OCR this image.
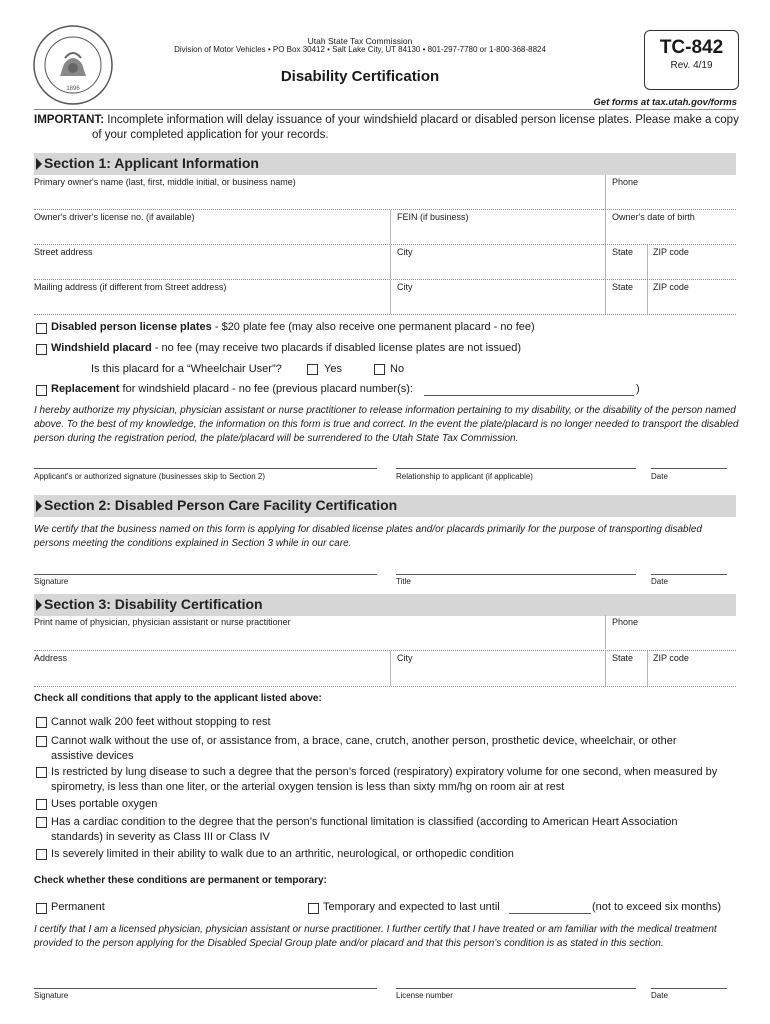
1896
Utah State Tax Commission
Division of Motor Vehicles • PO Box 30412 • Salt Lake City, UT 84130 • 801-297-7780 or 1-800-368-8824
Disability Certification
TC-842
Rev. 4/19
Get forms at tax.utah.gov/forms
IMPORTANT: Incomplete information will delay issuance of your windshield placard or disabled person license plates. Please make a copy
of your completed application for your records.
Section 1: Applicant Information
Primary owner's name (last, first, middle initial, or business name)	Phone
Owner's driver's license no. (if available)	FEIN (if business)	Owner's date of birth
Street address	City	State ZIP code
Mailing address (if different from Street address)	City	State ZIP code
Disabled person license plates - $20 plate fee (may also receive one permanent placard - no fee)
Windshield placard - no fee (may receive two placards if disabled license plates are not issued)
Is this placard for a “Wheelchair User”?	Yes	No
Replacement for windshield placard - no fee (previous placard number(s):	)
I hereby authorize my physician, physician assistant or nurse practitioner to release information pertaining to my disability, or the disability of the person named above. To the best of my knowledge, the information on this form is true and correct. In the event the plate/placard is no longer needed to transport the disabled person during the registration period, the plate/placard will be surrendered to the Utah State Tax Commission.
Applicant's or authorized signature (businesses skip to Section 2)	Relationship to applicant (if applicable)	Date
Section 2: Disabled Person Care Facility Certification
We certify that the business named on this form is applying for disabled license plates and/or placards primarily for the purpose of transporting disabled persons meeting the conditions explained in Section 3 while in our care.
Signature	Title	Date
Section 3: Disability Certification
Print name of physician, physician assistant or nurse practitioner	Phone
Address	City	State ZIP code
Check all conditions that apply to the applicant listed above:
Cannot walk 200 feet without stopping to rest
Cannot walk without the use of, or assistance from, a brace, cane, crutch, another person, prosthetic device, wheelchair, or other assistive devices
Is restricted by lung disease to such a degree that the person’s forced (respiratory) expiratory volume for one second, when measured by spirometry, is less than one liter, or the arterial oxygen tension is less than sixty mm/hg on room air at rest
Uses portable oxygen
Has a cardiac condition to the degree that the person’s functional limitation is classified (according to American Heart Association standards) in severity as Class III or Class IV
Is severely limited in their ability to walk due to an arthritic, neurological, or orthopedic condition
Check whether these conditions are permanent or temporary:
Permanent	Temporary and expected to last until	(not to exceed six months)
I certify that I am a licensed physician, physician assistant or nurse practitioner. I further certify that I have treated or am familiar with the medical treatment provided to the person applying for the Disabled Special Group plate and/or placard and that this person’s condition is as stated in this section.
Signature	License number	Date
